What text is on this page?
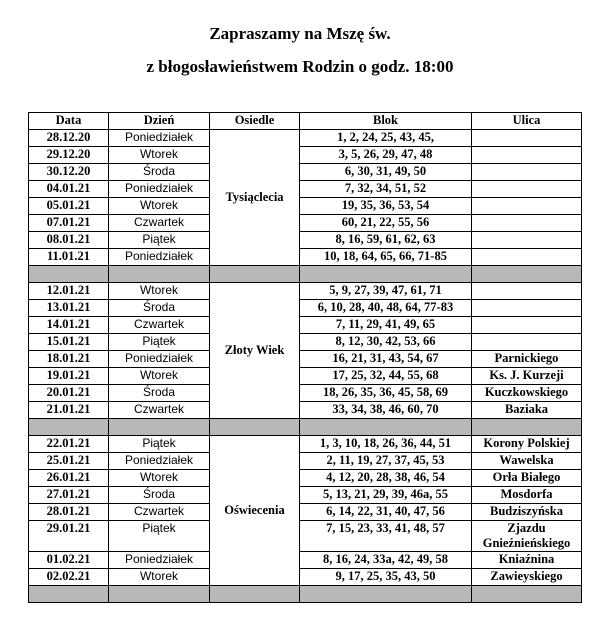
Zapraszamy na Mszę św.
z błogosławieństwem Rodzin o godz. 18:00
Data	Dzień	Osiedle	Blok	Ulica
28.12.20	Poniedziałek	Tysiąclecia	1, 2, 24, 25, 43, 45,	
29.12.20	Wtorek		3, 5, 26, 29, 47, 48	
30.12.20	Środa		6, 30, 31, 49, 50	
04.01.21	Poniedziałek		7, 32, 34, 51, 52	
05.01.21	Wtorek		19, 35, 36, 53, 54	
07.01.21	Czwartek		60, 21, 22, 55, 56	
08.01.21	Piątek		8, 16, 59, 61, 62, 63	
11.01.21	Poniedziałek		10, 18, 64, 65, 66, 71-85	

12.01.21	Wtorek	Złoty Wiek	5, 9, 27, 39, 47, 61, 71	
13.01.21	Środa		6, 10, 28, 40, 48, 64, 77-83	
14.01.21	Czwartek		7, 11, 29, 41, 49, 65	
15.01.21	Piątek		8, 12, 30, 42, 53, 66	
18.01.21	Poniedziałek		16, 21, 31, 43, 54, 67	Parnickiego
19.01.21	Wtorek		17, 25, 32, 44, 55, 68	Ks. J. Kurzeji
20.01.21	Środa		18, 26, 35, 36, 45, 58, 69	Kuczkowskiego
21.01.21	Czwartek		33, 34, 38, 46, 60, 70	Baziaka

22.01.21	Piątek	Oświecenia	1, 3, 10, 18, 26, 36, 44, 51	Korony Polskiej
25.01.21	Poniedziałek		2, 11, 19, 27, 37, 45, 53	Wawelska
26.01.21	Wtorek		4, 12, 20, 28, 38, 46, 54	Orła Białego
27.01.21	Środa		5, 13, 21, 29, 39, 46a, 55	Mosdorfa
28.01.21	Czwartek		6, 14, 22, 31, 40, 47, 56	Budziszyńska
29.01.21	Piątek		7, 15, 23, 33, 41, 48, 57	Zjazdu Gnieźnieńskiego
01.02.21	Poniedziałek		8, 16, 24, 33a, 42, 49, 58	Kniaźnina
02.02.21	Wtorek		9, 17, 25, 35, 43, 50	Zawieyskiego
